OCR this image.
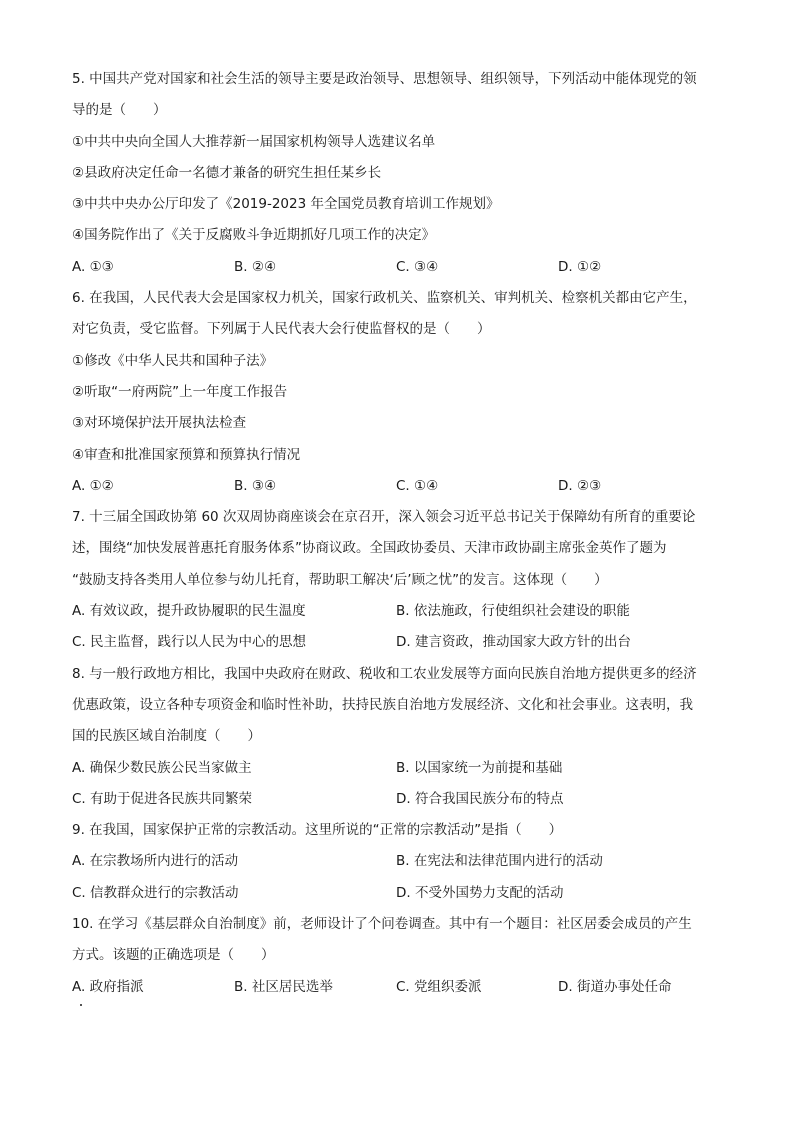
5. 中国共产党对国家和社会生活的领导主要是政治领导、思想领导、组织领导，下列活动中能体现党的领
导的是（　　）
①中共中央向全国人大推荐新一届国家机构领导人选建议名单
②县政府决定任命一名德才兼备的研究生担任某乡长
③中共中央办公厅印发了《2019-2023 年全国党员教育培训工作规划》
④国务院作出了《关于反腐败斗争近期抓好几项工作的决定》
A. ①③	B. ②④	C. ③④	D. ①②
6. 在我国，人民代表大会是国家权力机关，国家行政机关、监察机关、审判机关、检察机关都由它产生，
对它负责，受它监督。下列属于人民代表大会行使监督权的是（　　）
①修改《中华人民共和国种子法》
②听取“一府两院”上一年度工作报告
③对环境保护法开展执法检查
④审查和批准国家预算和预算执行情况
A. ①②	B. ③④	C. ①④	D. ②③
7. 十三届全国政协第 60 次双周协商座谈会在京召开，深入领会习近平总书记关于保障幼有所育的重要论
述，围绕“加快发展普惠托育服务体系”协商议政。全国政协委员、天津市政协副主席张金英作了题为
“鼓励支持各类用人单位参与幼儿托育，帮助职工解决‘后’顾之忧”的发言。这体现（　　）
A. 有效议政，提升政协履职的民生温度	B. 依法施政，行使组织社会建设的职能
C. 民主监督，践行以人民为中心的思想	D. 建言资政，推动国家大政方针的出台
8. 与一般行政地方相比，我国中央政府在财政、税收和工农业发展等方面向民族自治地方提供更多的经济
优惠政策，设立各种专项资金和临时性补助，扶持民族自治地方发展经济、文化和社会事业。这表明，我
国的民族区域自治制度（　　）
A. 确保少数民族公民当家做主	B. 以国家统一为前提和基础
C. 有助于促进各民族共同繁荣	D. 符合我国民族分布的特点
9. 在我国，国家保护正常的宗教活动。这里所说的“正常的宗教活动”是指（　　）
A. 在宗教场所内进行的活动	B. 在宪法和法律范围内进行的活动
C. 信教群众进行的宗教活动	D. 不受外国势力支配的活动
10. 在学习《基层群众自治制度》前，老师设计了个问卷调查。其中有一个题目：社区居委会成员的产生
方式。该题的正确选项是（　　）
A. 政府指派	B. 社区居民选举	C. 党组织委派	D. 街道办事处任命
